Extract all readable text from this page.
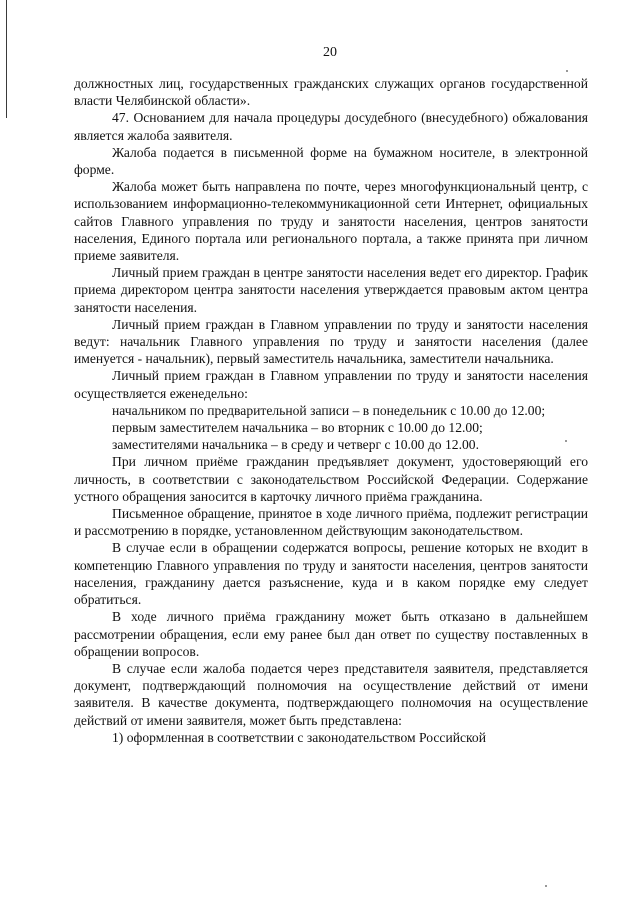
20

должностных лиц, государственных гражданских служащих органов государственной власти Челябинской области».

47. Основанием для начала процедуры досудебного (внесудебного) обжалования является жалоба заявителя.

Жалоба подается в письменной форме на бумажном носителе, в электронной форме.

Жалоба может быть направлена по почте, через многофункциональный центр, с использованием информационно-телекоммуникационной сети Интернет, официальных сайтов Главного управления по труду и занятости населения, центров занятости населения, Единого портала или регионального портала, а также принята при личном приеме заявителя.

Личный прием граждан в центре занятости населения ведет его директор. График приема директором центра занятости населения утверждается правовым актом центра занятости населения.

Личный прием граждан в Главном управлении по труду и занятости населения ведут: начальник Главного управления по труду и занятости населения (далее именуется - начальник), первый заместитель начальника, заместители начальника.

Личный прием граждан в Главном управлении по труду и занятости населения осуществляется еженедельно:

начальником по предварительной записи – в понедельник с 10.00 до 12.00;

первым заместителем начальника – во вторник с 10.00 до 12.00;

заместителями начальника – в среду и четверг с 10.00 до 12.00.

При личном приёме гражданин предъявляет документ, удостоверяющий его личность, в соответствии с законодательством Российской Федерации. Содержание устного обращения заносится в карточку личного приёма гражданина.

Письменное обращение, принятое в ходе личного приёма, подлежит регистрации и рассмотрению в порядке, установленном действующим законодательством.

В случае если в обращении содержатся вопросы, решение которых не входит в компетенцию Главного управления по труду и занятости населения, центров занятости населения, гражданину дается разъяснение, куда и в каком порядке ему следует обратиться.

В ходе личного приёма гражданину может быть отказано в дальнейшем рассмотрении обращения, если ему ранее был дан ответ по существу поставленных в обращении вопросов.

В случае если жалоба подается через представителя заявителя, представляется документ, подтверждающий полномочия на осуществление действий от имени заявителя. В качестве документа, подтверждающего полномочия на осуществление действий от имени заявителя, может быть представлена:

1) оформленная в соответствии с законодательством Российской
